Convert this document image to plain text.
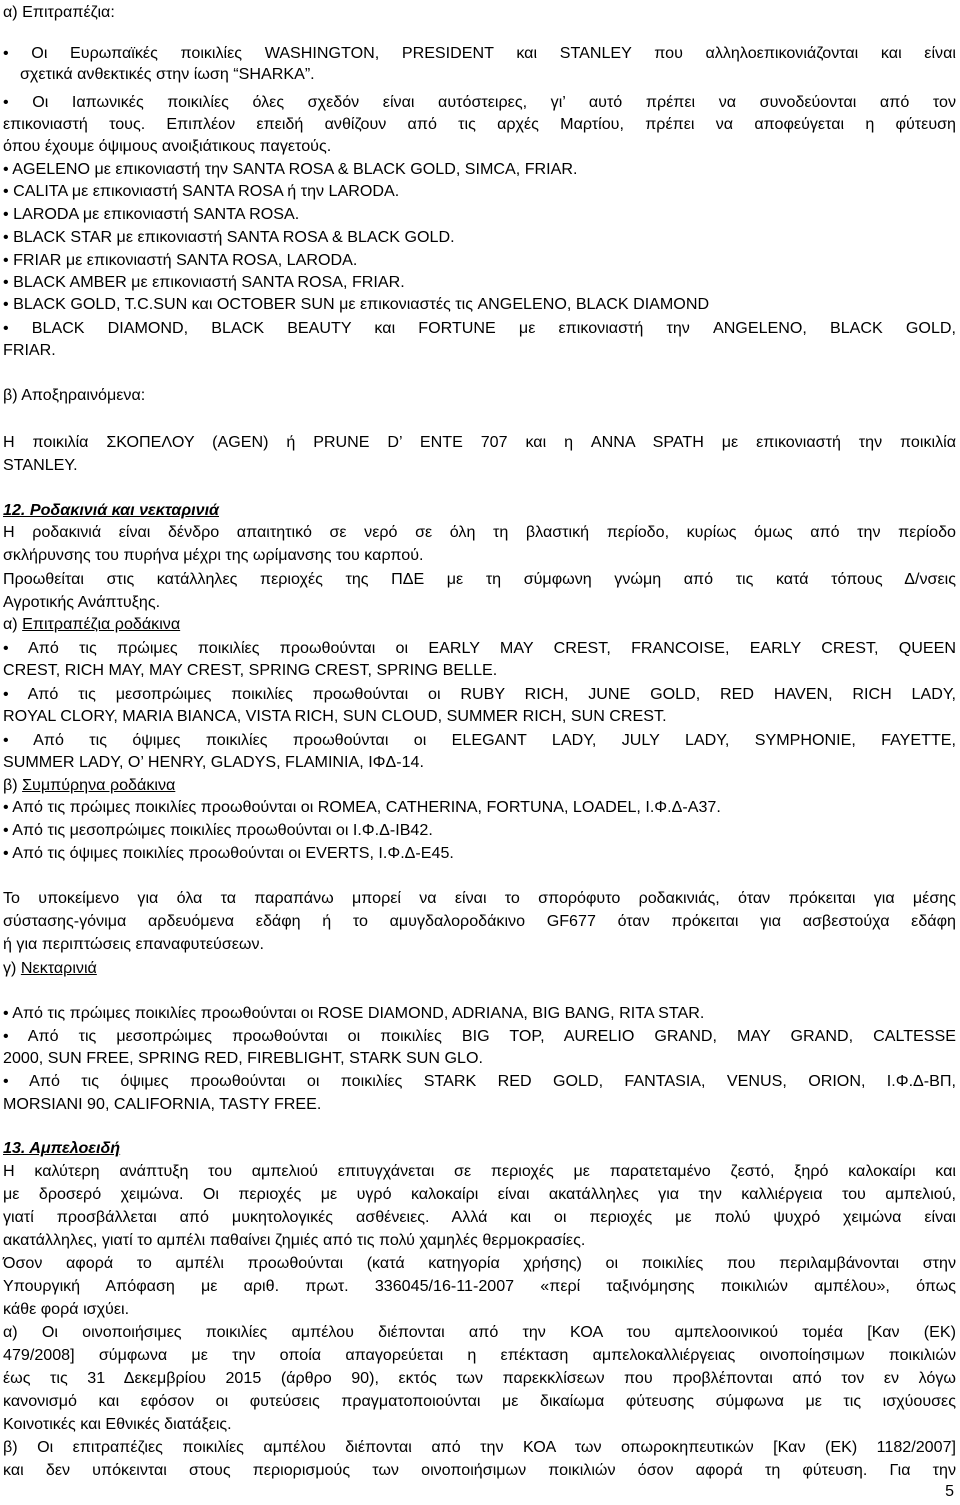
α) Επιτραπέζια:
• Οι Ευρωπαϊκές ποικιλίες WASHINGTON, PRESIDENT και STANLEY που αλληλοεπικονιάζονται και είναι
σχετικά ανθεκτικές στην ίωση “SHARKA”.
• Οι Ιαπωνικές ποικιλίες όλες σχεδόν είναι αυτόστειρες, γι’ αυτό πρέπει να συνοδεύονται από τον
επικονιαστή τους. Επιπλέον επειδή ανθίζουν από τις αρχές Μαρτίου, πρέπει να αποφεύγεται η φύτευση
όπου έχουμε όψιμους ανοιξιάτικους παγετούς.
• AGELENO με επικονιαστή την SANTA ROSA & BLACK GOLD, SIMCA, FRIAR.
• CALITA με επικονιαστή SANTA ROSA ή την LARODA.
• LARODA με επικονιαστή SANTA ROSA.
• BLACK STAR με επικονιαστή SANTA ROSA & BLACK GOLD.
• FRIAR με επικονιαστή SANTA ROSA, LARODA.
• BLACK AMBER με επικονιαστή SANTA ROSA, FRIAR.
• BLACK GOLD, T.C.SUN και OCTOBER SUN με επικονιαστές τις ANGELENO, BLACK DIAMOND
• BLACK DIAMOND, BLACK BEAUTY και FORTUNE με επικονιαστή την ANGELENO, BLACK GOLD,
FRIAR.
β) Αποξηραινόμενα:
Η ποικιλία ΣΚΟΠΕΛΟΥ (AGEN) ή PRUNE D’ ENTE 707 και η ANNA SPATH με επικονιαστή την ποικιλία
STANLEY.
12. Ροδακινιά και νεκταρινιά
Η ροδακινιά είναι δένδρο απαιτητικό σε νερό σε όλη τη βλαστική περίοδο, κυρίως όμως από την περίοδο
σκλήρυνσης του πυρήνα μέχρι της ωρίμανσης του καρπού.
Προωθείται στις κατάλληλες περιοχές της ΠΔΕ με τη σύμφωνη γνώμη από τις κατά τόπους Δ/νσεις
Αγροτικής Ανάπτυξης.
α) Επιτραπέζια ροδάκινα
• Από τις πρώιμες ποικιλίες προωθούνται οι EARLY MAY CREST, FRANCOISE, EARLY CREST, QUEEN
CREST, RICH MAY, MAY CREST, SPRING CREST, SPRING BELLE.
• Από τις μεσοπρώιμες ποικιλίες προωθούνται οι RUBY RICH, JUNE GOLD, RED HAVEN, RICH LADY,
ROYAL CLORY, MARIA BIANCA, VISTA RICH, SUN CLOUD, SUMMER RICH, SUN CREST.
• Από τις όψιμες ποικιλίες προωθούνται οι ELEGANT LADY, JULY LADY, SYMPHONIE, FAYETTE,
SUMMER LADY, O’ HENRY, GLADYS, FLAMINIA, ΙΦΔ-14.
β) Συμπύρηνα ροδάκινα
• Από τις πρώιμες ποικιλίες προωθούνται οι ROMEA, CATHERINA, FORTUNA, LOADEL, Ι.Φ.Δ-Α37.
• Από τις μεσοπρώιμες ποικιλίες προωθούνται οι Ι.Φ.Δ-ΙΒ42.
• Από τις όψιμες ποικιλίες προωθούνται οι EVERTS, Ι.Φ.Δ-Ε45.
Το υποκείμενο για όλα τα παραπάνω μπορεί να είναι το σπορόφυτο ροδακινιάς, όταν πρόκειται για μέσης
σύστασης-γόνιμα αρδευόμενα εδάφη ή το αμυγδαλοροδάκινο GF677 όταν πρόκειται για ασβεστούχα εδάφη
ή για περιπτώσεις επαναφυτεύσεων.
γ) Νεκταρινιά
• Από τις πρώιμες ποικιλίες προωθούνται οι ROSE DIAMOND, ADRIANA, BIG BANG, RITA STAR.
• Από τις μεσοπρώιμες προωθούνται οι ποικιλίες BIG TOP, AURELIO GRAND, MAY GRAND, CALTESSE
2000, SUN FREE, SPRING RED, FIREBLIGHT, STARK SUN GLO.
• Από τις όψιμες προωθούνται οι ποικιλίες STARK RED GOLD, FANTASIA, VENUS, ORION, Ι.Φ.Δ-ΒΠ,
MORSIANI 90, CALIFORNIA, TASTY FREE.
13. Αμπελοειδή
Η καλύτερη ανάπτυξη του αμπελιού επιτυγχάνεται σε περιοχές με παρατεταμένο ζεστό, ξηρό καλοκαίρι και
με δροσερό χειμώνα. Οι περιοχές με υγρό καλοκαίρι είναι ακατάλληλες για την καλλιέργεια του αμπελιού,
γιατί προσβάλλεται από μυκητολογικές ασθένειες. Αλλά και οι περιοχές με πολύ ψυχρό χειμώνα είναι
ακατάλληλες, γιατί το αμπέλι παθαίνει ζημιές από τις πολύ χαμηλές θερμοκρασίες.
Όσον αφορά το αμπέλι προωθούνται (κατά κατηγορία χρήσης) οι ποικιλίες που περιλαμβάνονται στην
Υπουργική Απόφαση με αριθ. πρωτ. 336045/16-11-2007 «περί ταξινόμησης ποικιλιών αμπέλου», όπως
κάθε φορά ισχύει.
α) Οι οινοποιήσιμες ποικιλίες αμπέλου διέπονται από την ΚΟΑ του αμπελοοινικού τομέα [Καν (ΕΚ)
479/2008] σύμφωνα με την οποία απαγορεύεται η επέκταση αμπελοκαλλιέργειας οινοποίησιμων ποικιλιών
έως τις 31 Δεκεμβρίου 2015 (άρθρο 90), εκτός των παρεκκλίσεων που προβλέπονται από τον εν λόγω
κανονισμό και εφόσον οι φυτεύσεις πραγματοποιούνται με δικαίωμα φύτευσης σύμφωνα με τις ισχύουσες
Κοινοτικές και Εθνικές διατάξεις.
β) Οι επιτραπέζιες ποικιλίες αμπέλου διέπονται από την ΚΟΑ των οπωροκηπευτικών [Καν (ΕΚ) 1182/2007]
και δεν υπόκεινται στους περιορισμούς των οινοποιήσιμων ποικιλιών όσον αφορά τη φύτευση. Για την
5
